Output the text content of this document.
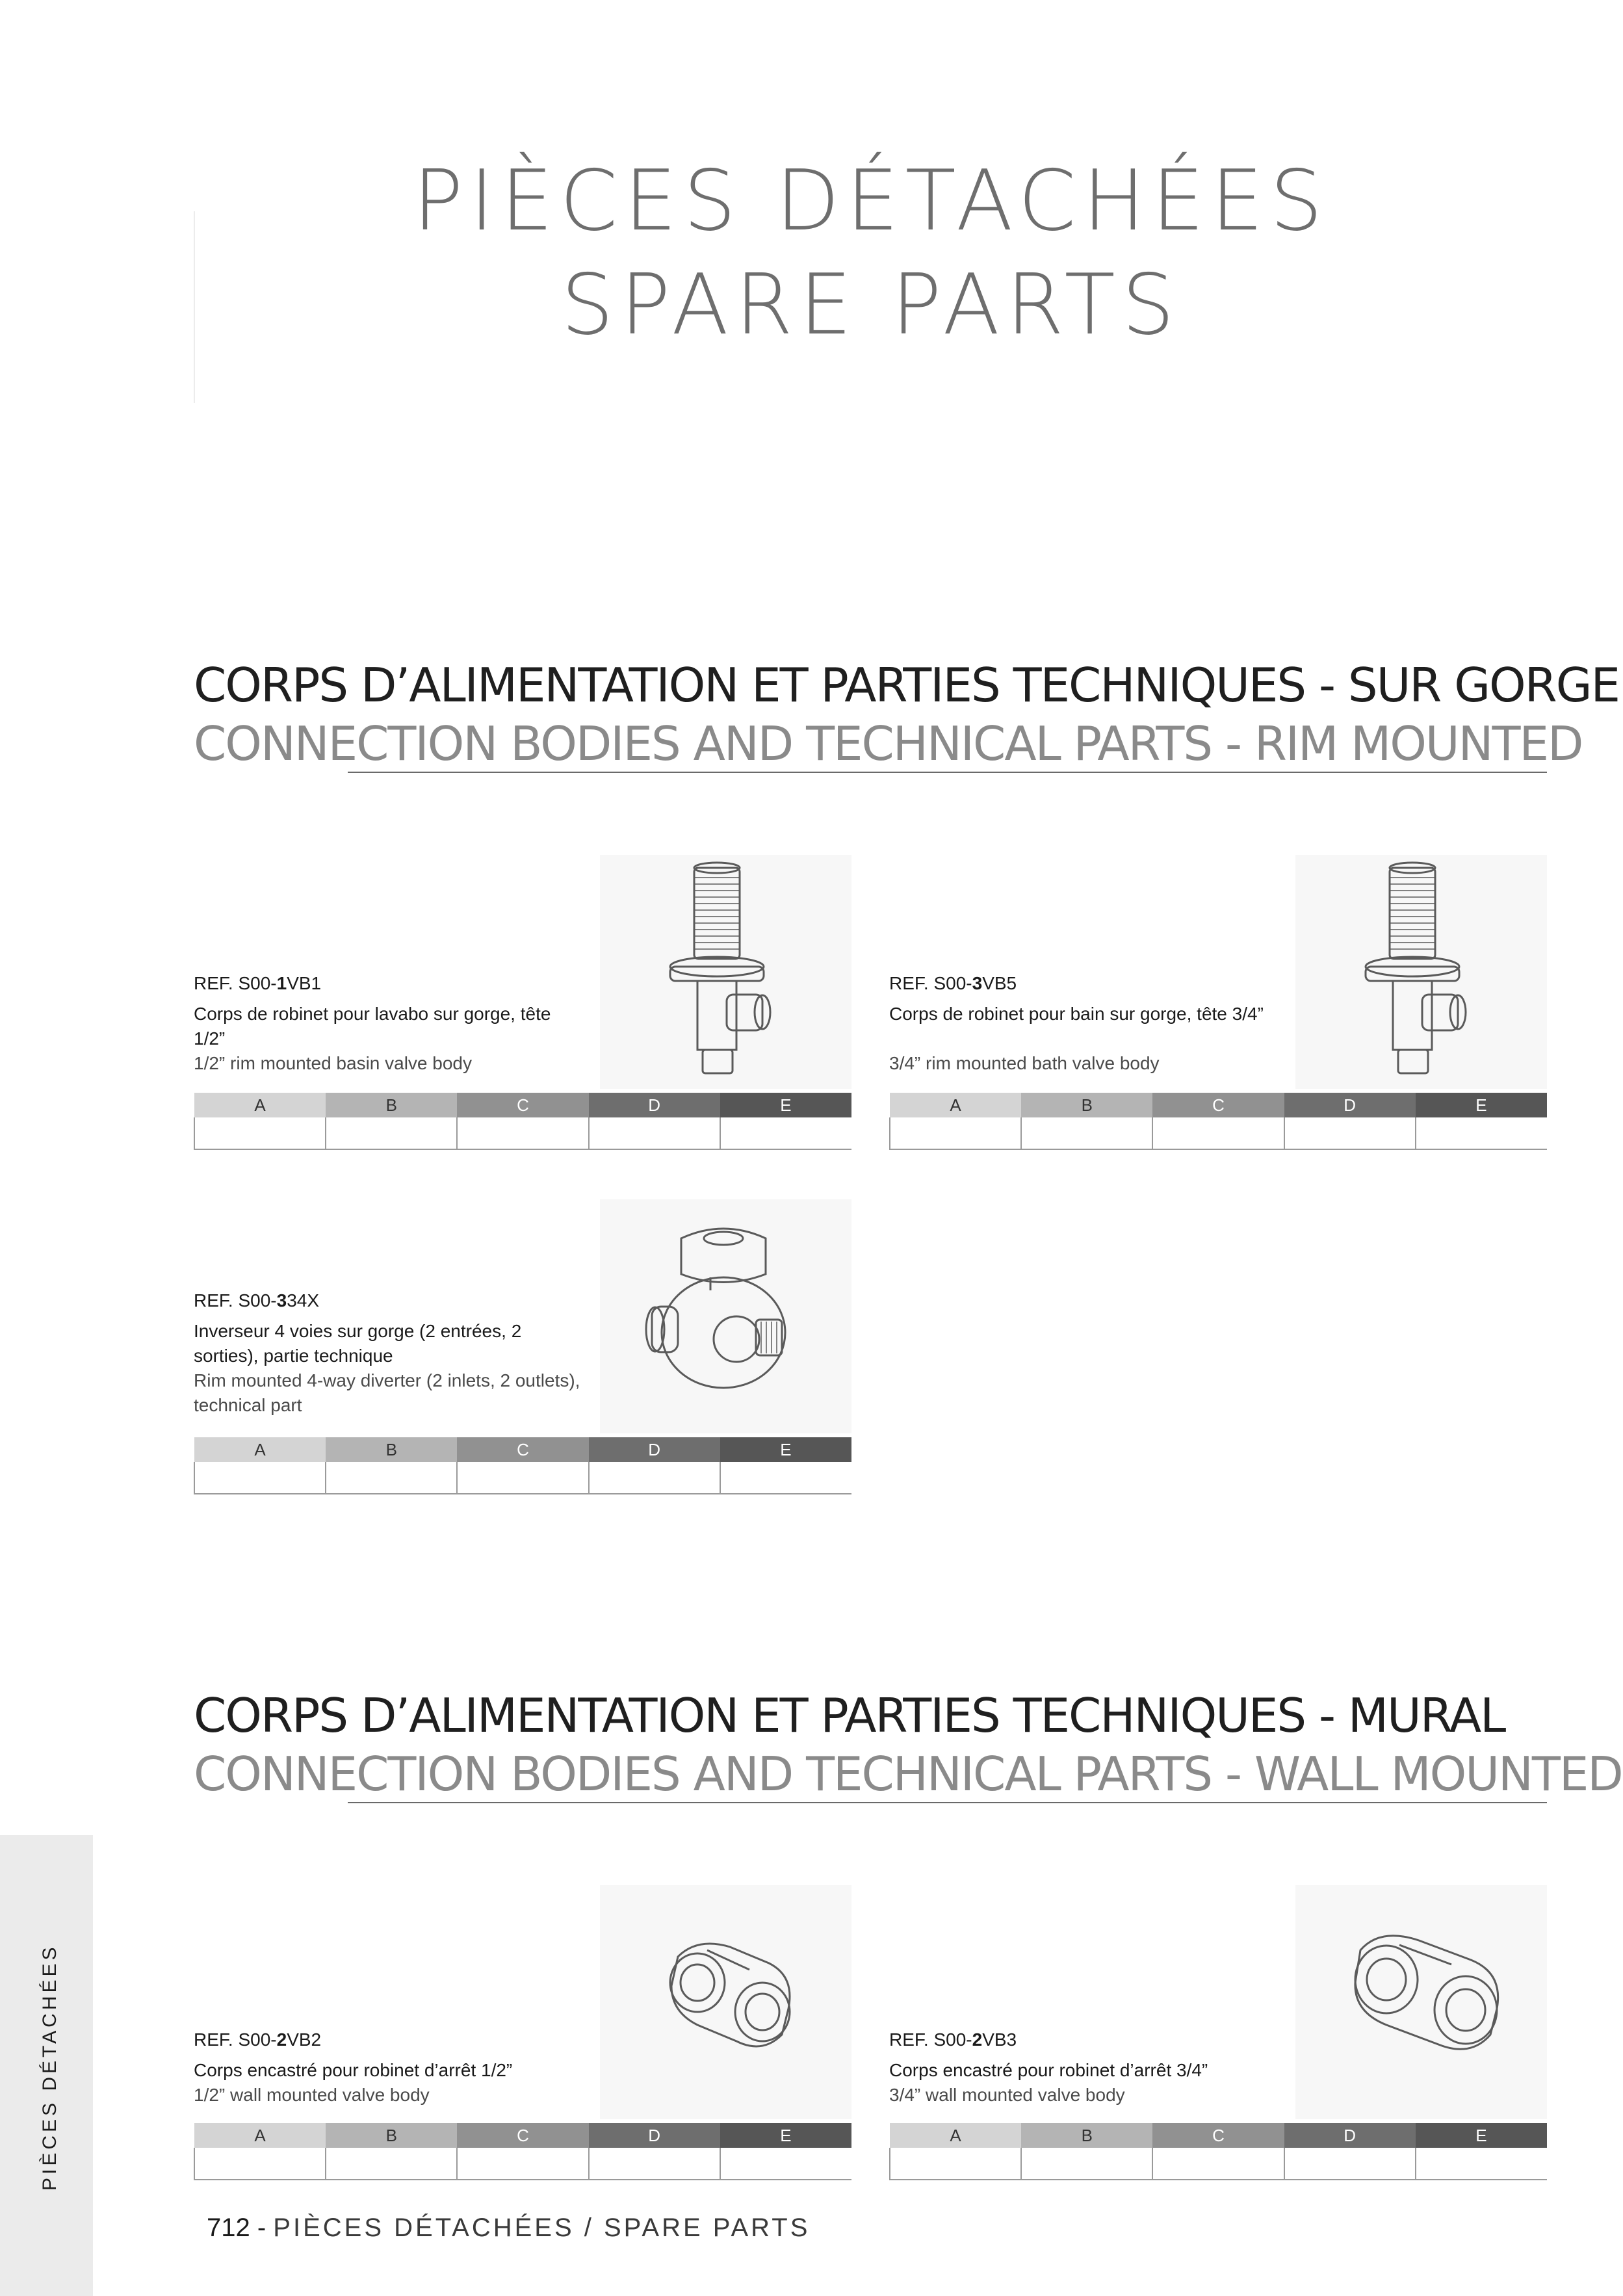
PIÈCES DÉTACHÉES
SPARE PARTS
CORPS D’ALIMENTATION ET PARTIES TECHNIQUES - SUR GORGE
CONNECTION BODIES AND TECHNICAL PARTS - RIM MOUNTED
REF. S00-1VB1
Corps de robinet pour lavabo sur gorge, tête 1/2”
1/2” rim mounted basin valve body
A	B	C	D	E

REF. S00-3VB5
Corps de robinet pour bain sur gorge, tête 3/4”
3/4” rim mounted bath valve body
A	B	C	D	E

REF. S00-334X
Inverseur 4 voies sur gorge (2 entrées, 2 sorties), partie technique
Rim mounted 4-way diverter (2 inlets, 2 outlets), technical part
A	B	C	D	E

CORPS D’ALIMENTATION ET PARTIES TECHNIQUES - MURAL
CONNECTION BODIES AND TECHNICAL PARTS - WALL MOUNTED
REF. S00-2VB2
Corps encastré pour robinet d’arrêt 1/2”
1/2” wall mounted valve body
A	B	C	D	E

REF. S00-2VB3
Corps encastré pour robinet d’arrêt 3/4”
3/4” wall mounted valve body
A	B	C	D	E

PIÈCES DÉTACHÉES
712 - PIÈCES DÉTACHÉES / SPARE PARTS
